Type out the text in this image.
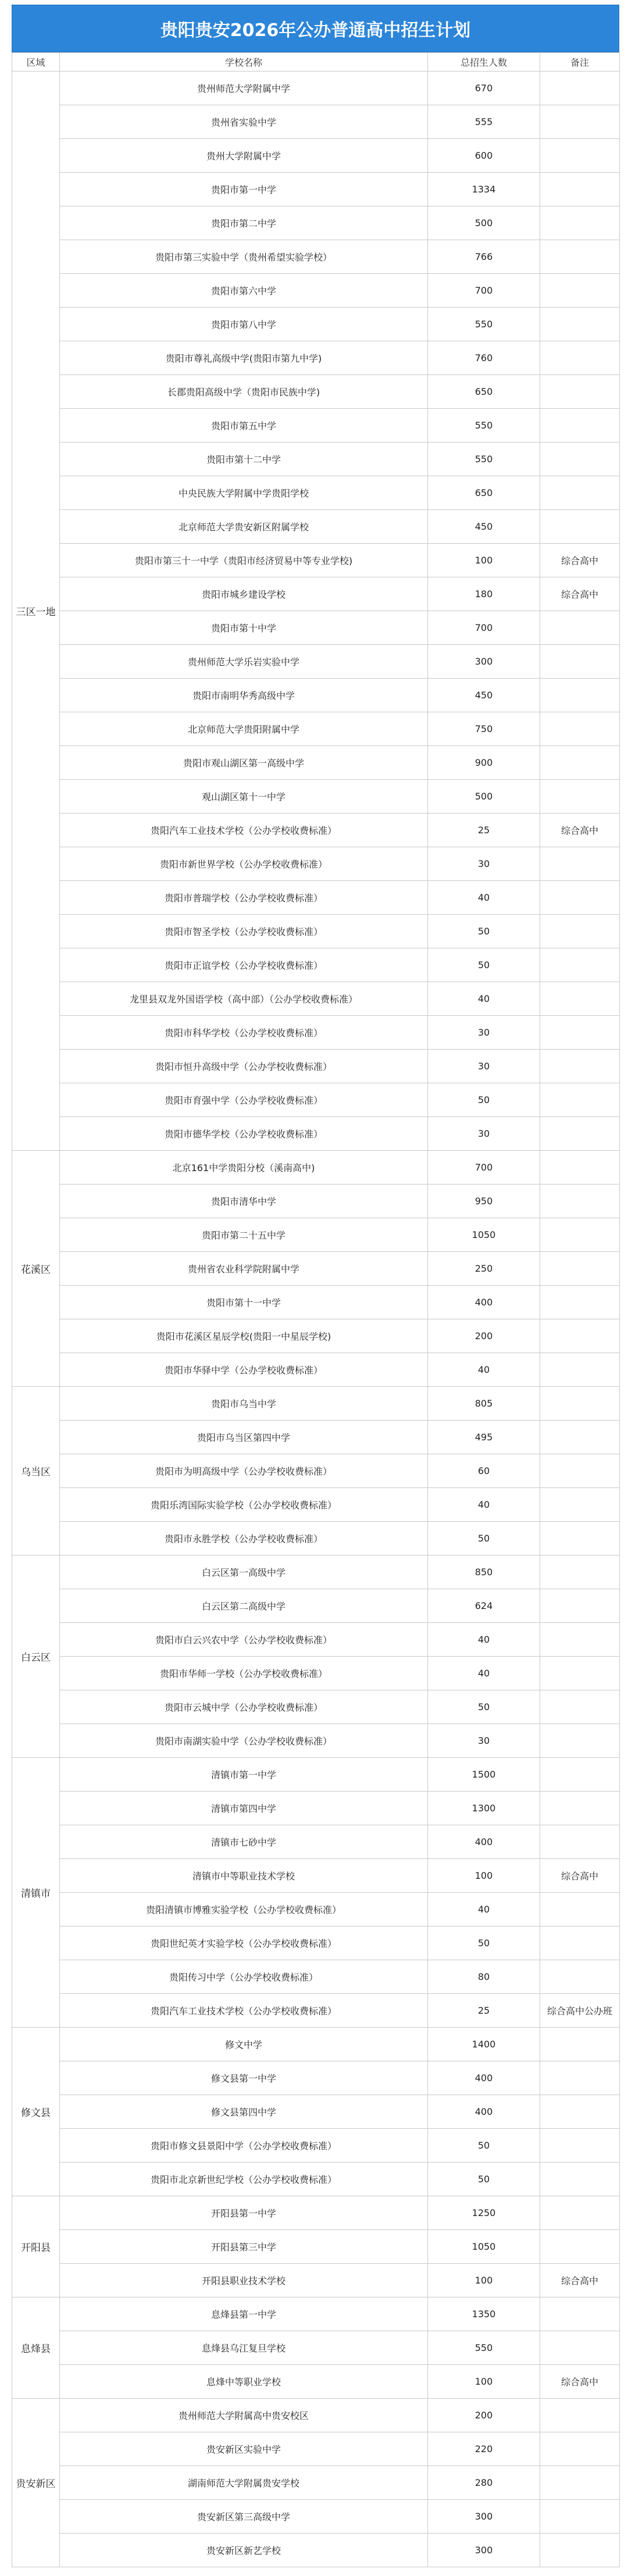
贵阳贵安2026年公办普通高中招生计划
区域	学校名称	总招生人数	备注
三区一地	贵州师范大学附属中学	670	
	贵州省实验中学	555	
	贵州大学附属中学	600	
	贵阳市第一中学	1334	
	贵阳市第二中学	500	
	贵阳市第三实验中学（贵州希望实验学校）	766	
	贵阳市第六中学	700	
	贵阳市第八中学	550	
	贵阳市尊礼高级中学(贵阳市第九中学)	760	
	长郡贵阳高级中学（贵阳市民族中学)	650	
	贵阳市第五中学	550	
	贵阳市第十二中学	550	
	中央民族大学附属中学贵阳学校	650	
	北京师范大学贵安新区附属学校	450	
	贵阳市第三十一中学（贵阳市经济贸易中等专业学校)	100	综合高中
	贵阳市城乡建设学校	180	综合高中
	贵阳市第十中学	700	
	贵州师范大学乐岩实验中学	300	
	贵阳市南明华秀高级中学	450	
	北京师范大学贵阳附属中学	750	
	贵阳市观山湖区第一高级中学	900	
	观山湖区第十一中学	500	
	贵阳汽车工业技术学校（公办学校收费标准）	25	综合高中
	贵阳市新世界学校（公办学校收费标准）	30	
	贵阳市普瑞学校（公办学校收费标准）	40	
	贵阳市智圣学校（公办学校收费标准）	50	
	贵阳市正谊学校（公办学校收费标准）	50	
	龙里县双龙外国语学校（高中部）（公办学校收费标准）	40	
	贵阳市科华学校（公办学校收费标准）	30	
	贵阳市恒升高级中学（公办学校收费标准）	30	
	贵阳市育强中学（公办学校收费标准）	50	
	贵阳市德华学校（公办学校收费标准）	30	
花溪区	北京161中学贵阳分校（溪南高中)	700	
	贵阳市清华中学	950	
	贵阳市第二十五中学	1050	
	贵州省农业科学院附属中学	250	
	贵阳市第十一中学	400	
	贵阳市花溪区星辰学校(贵阳一中星辰学校)	200	
	贵阳市华驿中学（公办学校收费标准）	40	
乌当区	贵阳市乌当中学	805	
	贵阳市乌当区第四中学	495	
	贵阳市为明高级中学（公办学校收费标准）	60	
	贵阳乐湾国际实验学校（公办学校收费标准）	40	
	贵阳市永胜学校（公办学校收费标准）	50	
白云区	白云区第一高级中学	850	
	白云区第二高级中学	624	
	贵阳市白云兴农中学（公办学校收费标准）	40	
	贵阳市华师一学校（公办学校收费标准）	40	
	贵阳市云城中学（公办学校收费标准）	50	
	贵阳市南湖实验中学（公办学校收费标准）	30	
清镇市	清镇市第一中学	1500	
	清镇市第四中学	1300	
	清镇市七砂中学	400	
	清镇市中等职业技术学校	100	综合高中
	贵阳清镇市博雅实验学校（公办学校收费标准）	40	
	贵阳世纪英才实验学校（公办学校收费标准）	50	
	贵阳传习中学（公办学校收费标准）	80	
	贵阳汽车工业技术学校（公办学校收费标准）	25	综合高中公办班
修文县	修文中学	1400	
	修文县第一中学	400	
	修文县第四中学	400	
	贵阳市修文县景阳中学（公办学校收费标准）	50	
	贵阳市北京新世纪学校（公办学校收费标准）	50	
开阳县	开阳县第一中学	1250	
	开阳县第三中学	1050	
	开阳县职业技术学校	100	综合高中
息烽县	息烽县第一中学	1350	
	息烽县乌江复旦学校	550	
	息烽中等职业学校	100	综合高中
贵安新区	贵州师范大学附属高中贵安校区	200	
	贵安新区实验中学	220	
	湖南师范大学附属贵安学校	280	
	贵安新区第三高级中学	300	
	贵安新区新艺学校	300	
